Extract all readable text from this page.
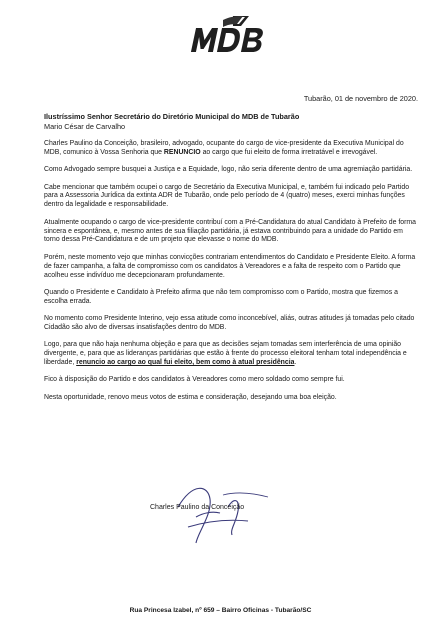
Tubarão, 01 de novembro de 2020.
Ilustríssimo Senhor Secretário do Diretório Municipal do MDB de Tubarão
Mario César de Carvalho

Charles Paulino da Conceição, brasileiro, advogado, ocupante do cargo de vice-presidente da Executiva Municipal do MDB, comunico à Vossa Senhoria que RENUNCIO ao cargo que fui eleito de forma irretratável e irrevogável.

Como Advogado sempre busquei a Justiça e a Equidade, logo, não seria diferente dentro de uma agremiação partidária.

Cabe mencionar que também ocupei o cargo de Secretário da Executiva Municipal, e, também fui indicado pelo Partido para a Assessoria Jurídica da extinta ADR de Tubarão, onde pelo período de 4 (quatro) meses, exerci minhas funções dentro da legalidade e responsabilidade.

Atualmente ocupando o cargo de vice-presidente contribuí com a Pré-Candidatura do atual Candidato à Prefeito de forma sincera e espontânea, e, mesmo antes de sua filiação partidária, já estava contribuindo para a unidade do Partido em torno dessa Pré-Candidatura e de um projeto que elevasse o nome do MDB.

Porém, neste momento vejo que minhas convicções contrariam entendimentos do Candidato e Presidente Eleito. A forma de fazer campanha, a falta de compromisso com os candidatos à Vereadores e a falta de respeito com o Partido que acolheu esse indivíduo me decepcionaram profundamente.

Quando o Presidente e Candidato à Prefeito afirma que não tem compromisso com o Partido, mostra que fizemos a escolha errada.

No momento como Presidente Interino, vejo essa atitude como inconcebível, aliás, outras atitudes já tomadas pelo citado Cidadão são alvo de diversas insatisfações dentro do MDB.

Logo, para que não haja nenhuma objeção e para que as decisões sejam tomadas sem interferência de uma opinião divergente, e, para que as lideranças partidárias que estão à frente do processo eleitoral tenham total independência e liberdade, renuncio ao cargo ao qual fui eleito, bem como à atual presidência.

Fico à disposição do Partido e dos candidatos à Vereadores como mero soldado como sempre fui.

Nesta oportunidade, renovo meus votos de estima e consideração, desejando uma boa eleição.

Charles Paulino da Conceição
Rua Princesa Izabel, nº 659 – Bairro Oficinas - Tubarão/SC
